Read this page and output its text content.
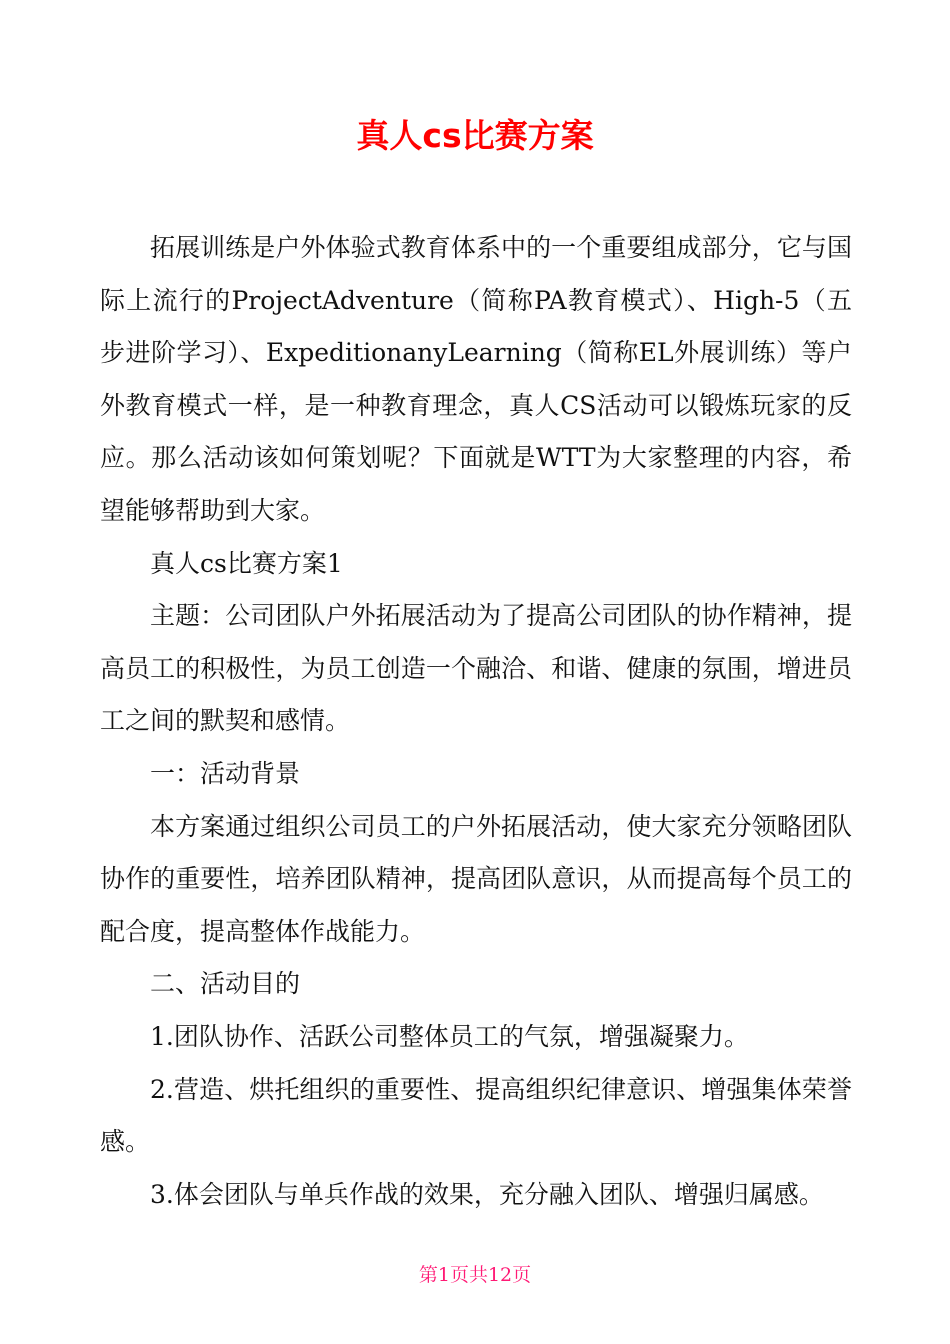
真人cs比赛方案

拓展训练是户外体验式教育体系中的一个重要组成部分，它与国际上流行的ProjectAdventure（简称PA教育模式）、High-5（五步进阶学习）、ExpeditionanyLearning（简称EL外展训练）等户外教育模式一样，是一种教育理念，真人CS活动可以锻炼玩家的反应。那么活动该如何策划呢？下面就是WTT为大家整理的内容，希望能够帮助到大家。

真人cs比赛方案1

主题：公司团队户外拓展活动为了提高公司团队的协作精神，提高员工的积极性，为员工创造一个融洽、和谐、健康的氛围，增进员工之间的默契和感情。

一：活动背景

本方案通过组织公司员工的户外拓展活动，使大家充分领略团队协作的重要性，培养团队精神，提高团队意识，从而提高每个员工的配合度，提高整体作战能力。

二、活动目的

1.团队协作、活跃公司整体员工的气氛，增强凝聚力。

2.营造、烘托组织的重要性、提高组织纪律意识、增强集体荣誉感。

3.体会团队与单兵作战的效果，充分融入团队、增强归属感。

第1页共12页
